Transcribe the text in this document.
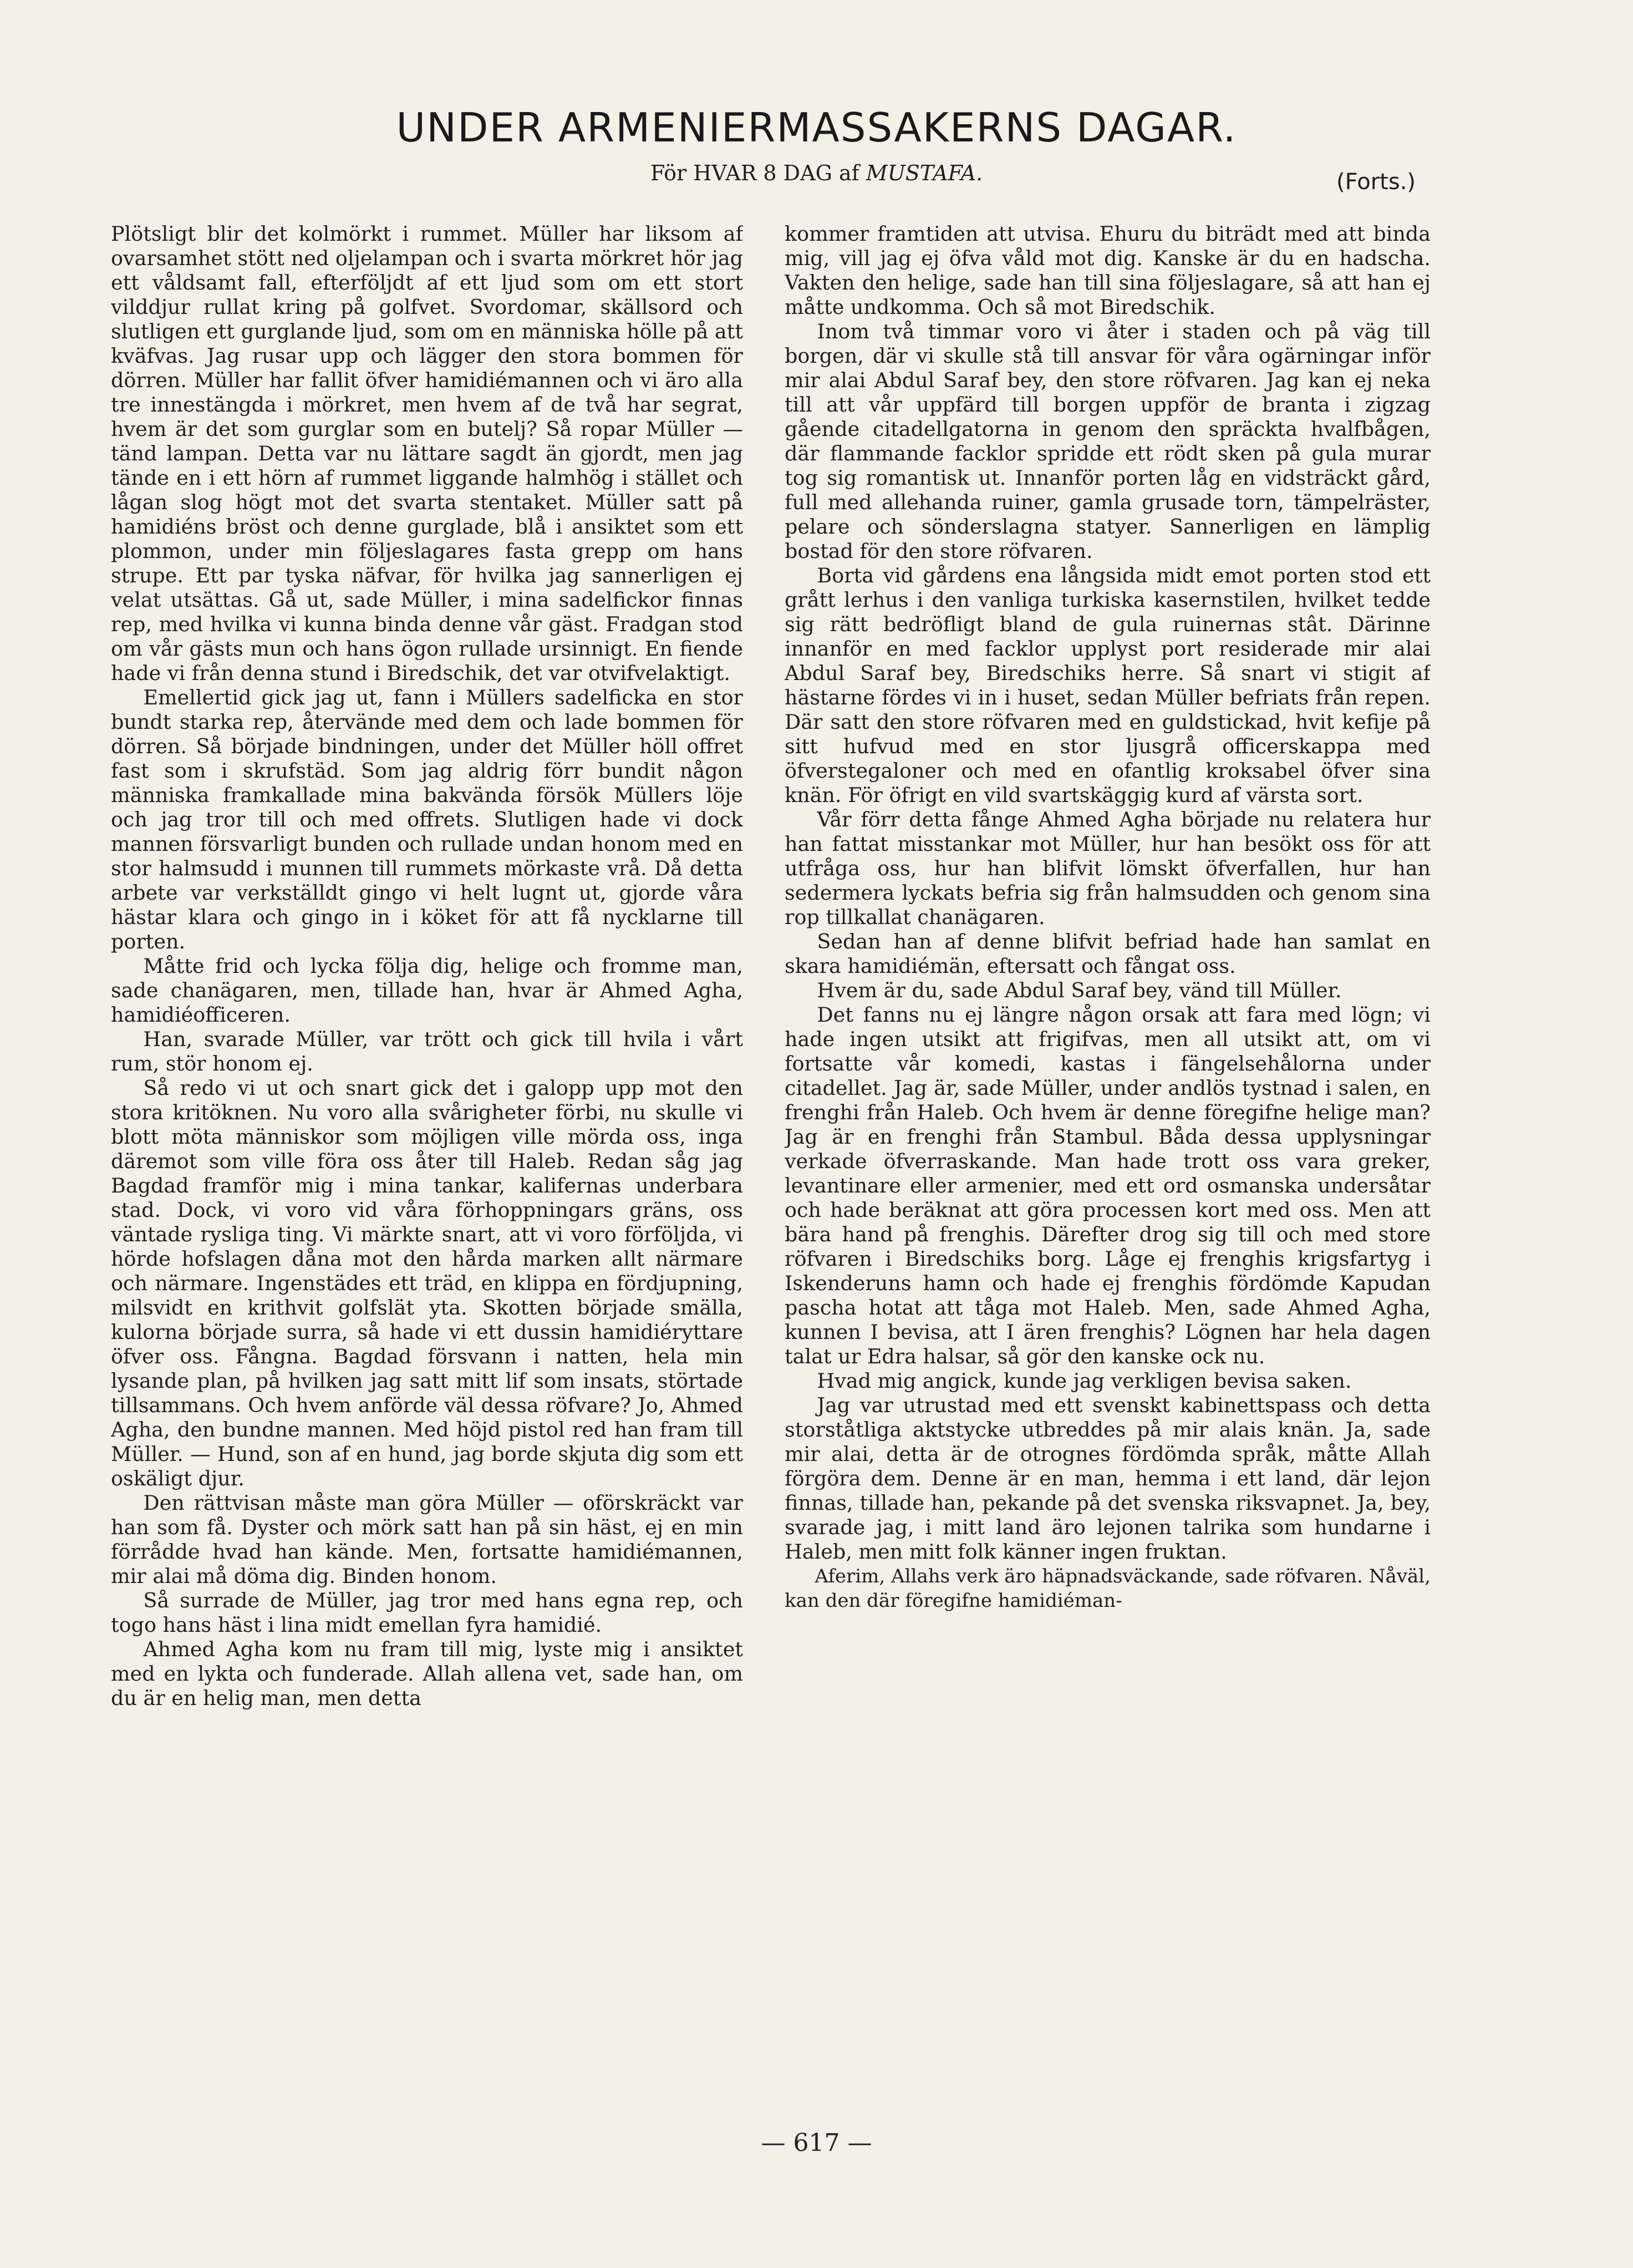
UNDER ARMENIERMASSAKERNS DAGAR.

För HVAR 8 DAG af MUSTAFA.	(Forts.)

Plötsligt blir det kolmörkt i rummet. Müller har liksom af ovarsamhet stött ned oljelampan och i svarta mörkret hör jag ett våldsamt fall, efterföljdt af ett ljud som om ett stort vilddjur rullat kring på golfvet. Svordomar, skällsord och slutligen ett gurglande ljud, som om en människa hölle på att kväfvas. Jag rusar upp och lägger den stora bommen för dörren. Müller har fallit öfver hamidiémannen och vi äro alla tre innestängda i mörkret, men hvem af de två har segrat, hvem är det som gurglar som en butelj? Så ropar Müller — tänd lampan. Detta var nu lättare sagdt än gjordt, men jag tände en i ett hörn af rummet liggande halmhög i stället och lågan slog högt mot det svarta stentaket. Müller satt på hamidiéns bröst och denne gurglade, blå i ansiktet som ett plommon, under min följeslagares fasta grepp om hans strupe. Ett par tyska näfvar, för hvilka jag sannerligen ej velat utsättas. Gå ut, sade Müller, i mina sadelfickor finnas rep, med hvilka vi kunna binda denne vår gäst. Fradgan stod om vår gästs mun och hans ögon rullade ursinnigt. En fiende hade vi från denna stund i Biredschik, det var otvifvelaktigt.

Emellertid gick jag ut, fann i Müllers sadelficka en stor bundt starka rep, återvände med dem och lade bommen för dörren. Så började bindningen, under det Müller höll offret fast som i skrufstäd. Som jag aldrig förr bundit någon människa framkallade mina bakvända försök Müllers löje och jag tror till och med offrets. Slutligen hade vi dock mannen försvarligt bunden och rullade undan honom med en stor halmsudd i munnen till rummets mörkaste vrå. Då detta arbete var verkställdt gingo vi helt lugnt ut, gjorde våra hästar klara och gingo in i köket för att få nycklarne till porten.

Måtte frid och lycka följa dig, helige och fromme man, sade chanägaren, men, tillade han, hvar är Ahmed Agha, hamidiéofficeren.

Han, svarade Müller, var trött och gick till hvila i vårt rum, stör honom ej.

Så redo vi ut och snart gick det i galopp upp mot den stora kritöknen. Nu voro alla svårigheter förbi, nu skulle vi blott möta människor som möjligen ville mörda oss, inga däremot som ville föra oss åter till Haleb. Redan såg jag Bagdad framför mig i mina tankar, kalifernas underbara stad. Dock, vi voro vid våra förhoppningars gräns, oss väntade rysliga ting. Vi märkte snart, att vi voro förföljda, vi hörde hofslagen dåna mot den hårda marken allt närmare och närmare. Ingenstädes ett träd, en klippa en fördjupning, milsvidt en krithvit golfslät yta. Skotten började smälla, kulorna började surra, så hade vi ett dussin hamidiéryttare öfver oss. Fångna. Bagdad försvann i natten, hela min lysande plan, på hvilken jag satt mitt lif som insats, störtade tillsammans. Och hvem anförde väl dessa röfvare? Jo, Ahmed Agha, den bundne mannen. Med höjd pistol red han fram till Müller. — Hund, son af en hund, jag borde skjuta dig som ett oskäligt djur.

Den rättvisan måste man göra Müller — oförskräckt var han som få. Dyster och mörk satt han på sin häst, ej en min förrådde hvad han kände. Men, fortsatte hamidiémannen, mir alai må döma dig. Binden honom.

Så surrade de Müller, jag tror med hans egna rep, och togo hans häst i lina midt emellan fyra hamidié.

Ahmed Agha kom nu fram till mig, lyste mig i ansiktet med en lykta och funderade. Allah allena vet, sade han, om du är en helig man, men detta

kommer framtiden att utvisa. Ehuru du biträdt med att binda mig, vill jag ej öfva våld mot dig. Kanske är du en hadscha. Vakten den helige, sade han till sina följeslagare, så att han ej måtte undkomma. Och så mot Biredschik.

Inom två timmar voro vi åter i staden och på väg till borgen, där vi skulle stå till ansvar för våra ogärningar inför mir alai Abdul Saraf bey, den store röfvaren. Jag kan ej neka till att vår uppfärd till borgen uppför de branta i zigzag gående citadellgatorna in genom den spräckta hvalfbågen, där flammande facklor spridde ett rödt sken på gula murar tog sig romantisk ut. Innanför porten låg en vidsträckt gård, full med allehanda ruiner, gamla grusade torn, tämpelräster, pelare och sönderslagna statyer. Sannerligen en lämplig bostad för den store röfvaren.

Borta vid gårdens ena långsida midt emot porten stod ett grått lerhus i den vanliga turkiska kasernstilen, hvilket tedde sig rätt bedröfligt bland de gula ruinernas stât. Därinne innanför en med facklor upplyst port residerade mir alai Abdul Saraf bey, Biredschiks herre. Så snart vi stigit af hästarne fördes vi in i huset, sedan Müller befriats från repen. Där satt den store röfvaren med en guldstickad, hvit kefije på sitt hufvud med en stor ljusgrå officerskappa med öfverstegaloner och med en ofantlig kroksabel öfver sina knän. För öfrigt en vild svartskäggig kurd af värsta sort.

Vår förr detta fånge Ahmed Agha började nu relatera hur han fattat misstankar mot Müller, hur han besökt oss för att utfråga oss, hur han blifvit lömskt öfverfallen, hur han sedermera lyckats befria sig från halmsudden och genom sina rop tillkallat chanägaren.

Sedan han af denne blifvit befriad hade han samlat en skara hamidiémän, eftersatt och fångat oss.

Hvem är du, sade Abdul Saraf bey, vänd till Müller.

Det fanns nu ej längre någon orsak att fara med lögn; vi hade ingen utsikt att frigifvas, men all utsikt att, om vi fortsatte vår komedi, kastas i fängelsehålorna under citadellet. Jag är, sade Müller, under andlös tystnad i salen, en frenghi från Haleb. Och hvem är denne föregifne helige man? Jag är en frenghi från Stambul. Båda dessa upplysningar verkade öfverraskande. Man hade trott oss vara greker, levantinare eller armenier, med ett ord osmanska undersåtar och hade beräknat att göra processen kort med oss. Men att bära hand på frenghis. Därefter drog sig till och med store röfvaren i Biredschiks borg. Låge ej frenghis krigsfartyg i Iskenderuns hamn och hade ej frenghis fördömde Kapudan pascha hotat att tåga mot Haleb. Men, sade Ahmed Agha, kunnen I bevisa, att I ären frenghis? Lögnen har hela dagen talat ur Edra halsar, så gör den kanske ock nu.

Hvad mig angick, kunde jag verkligen bevisa saken.

Jag var utrustad med ett svenskt kabinettspass och detta storståtliga aktstycke utbreddes på mir alais knän. Ja, sade mir alai, detta är de otrognes fördömda språk, måtte Allah förgöra dem. Denne är en man, hemma i ett land, där lejon finnas, tillade han, pekande på det svenska riksvapnet. Ja, bey, svarade jag, i mitt land äro lejonen talrika som hundarne i Haleb, men mitt folk känner ingen fruktan.

Aferim, Allahs verk äro häpnadsväckande, sade röfvaren. Nåväl, kan den där föregifne hamidiéman-

— 617 —
